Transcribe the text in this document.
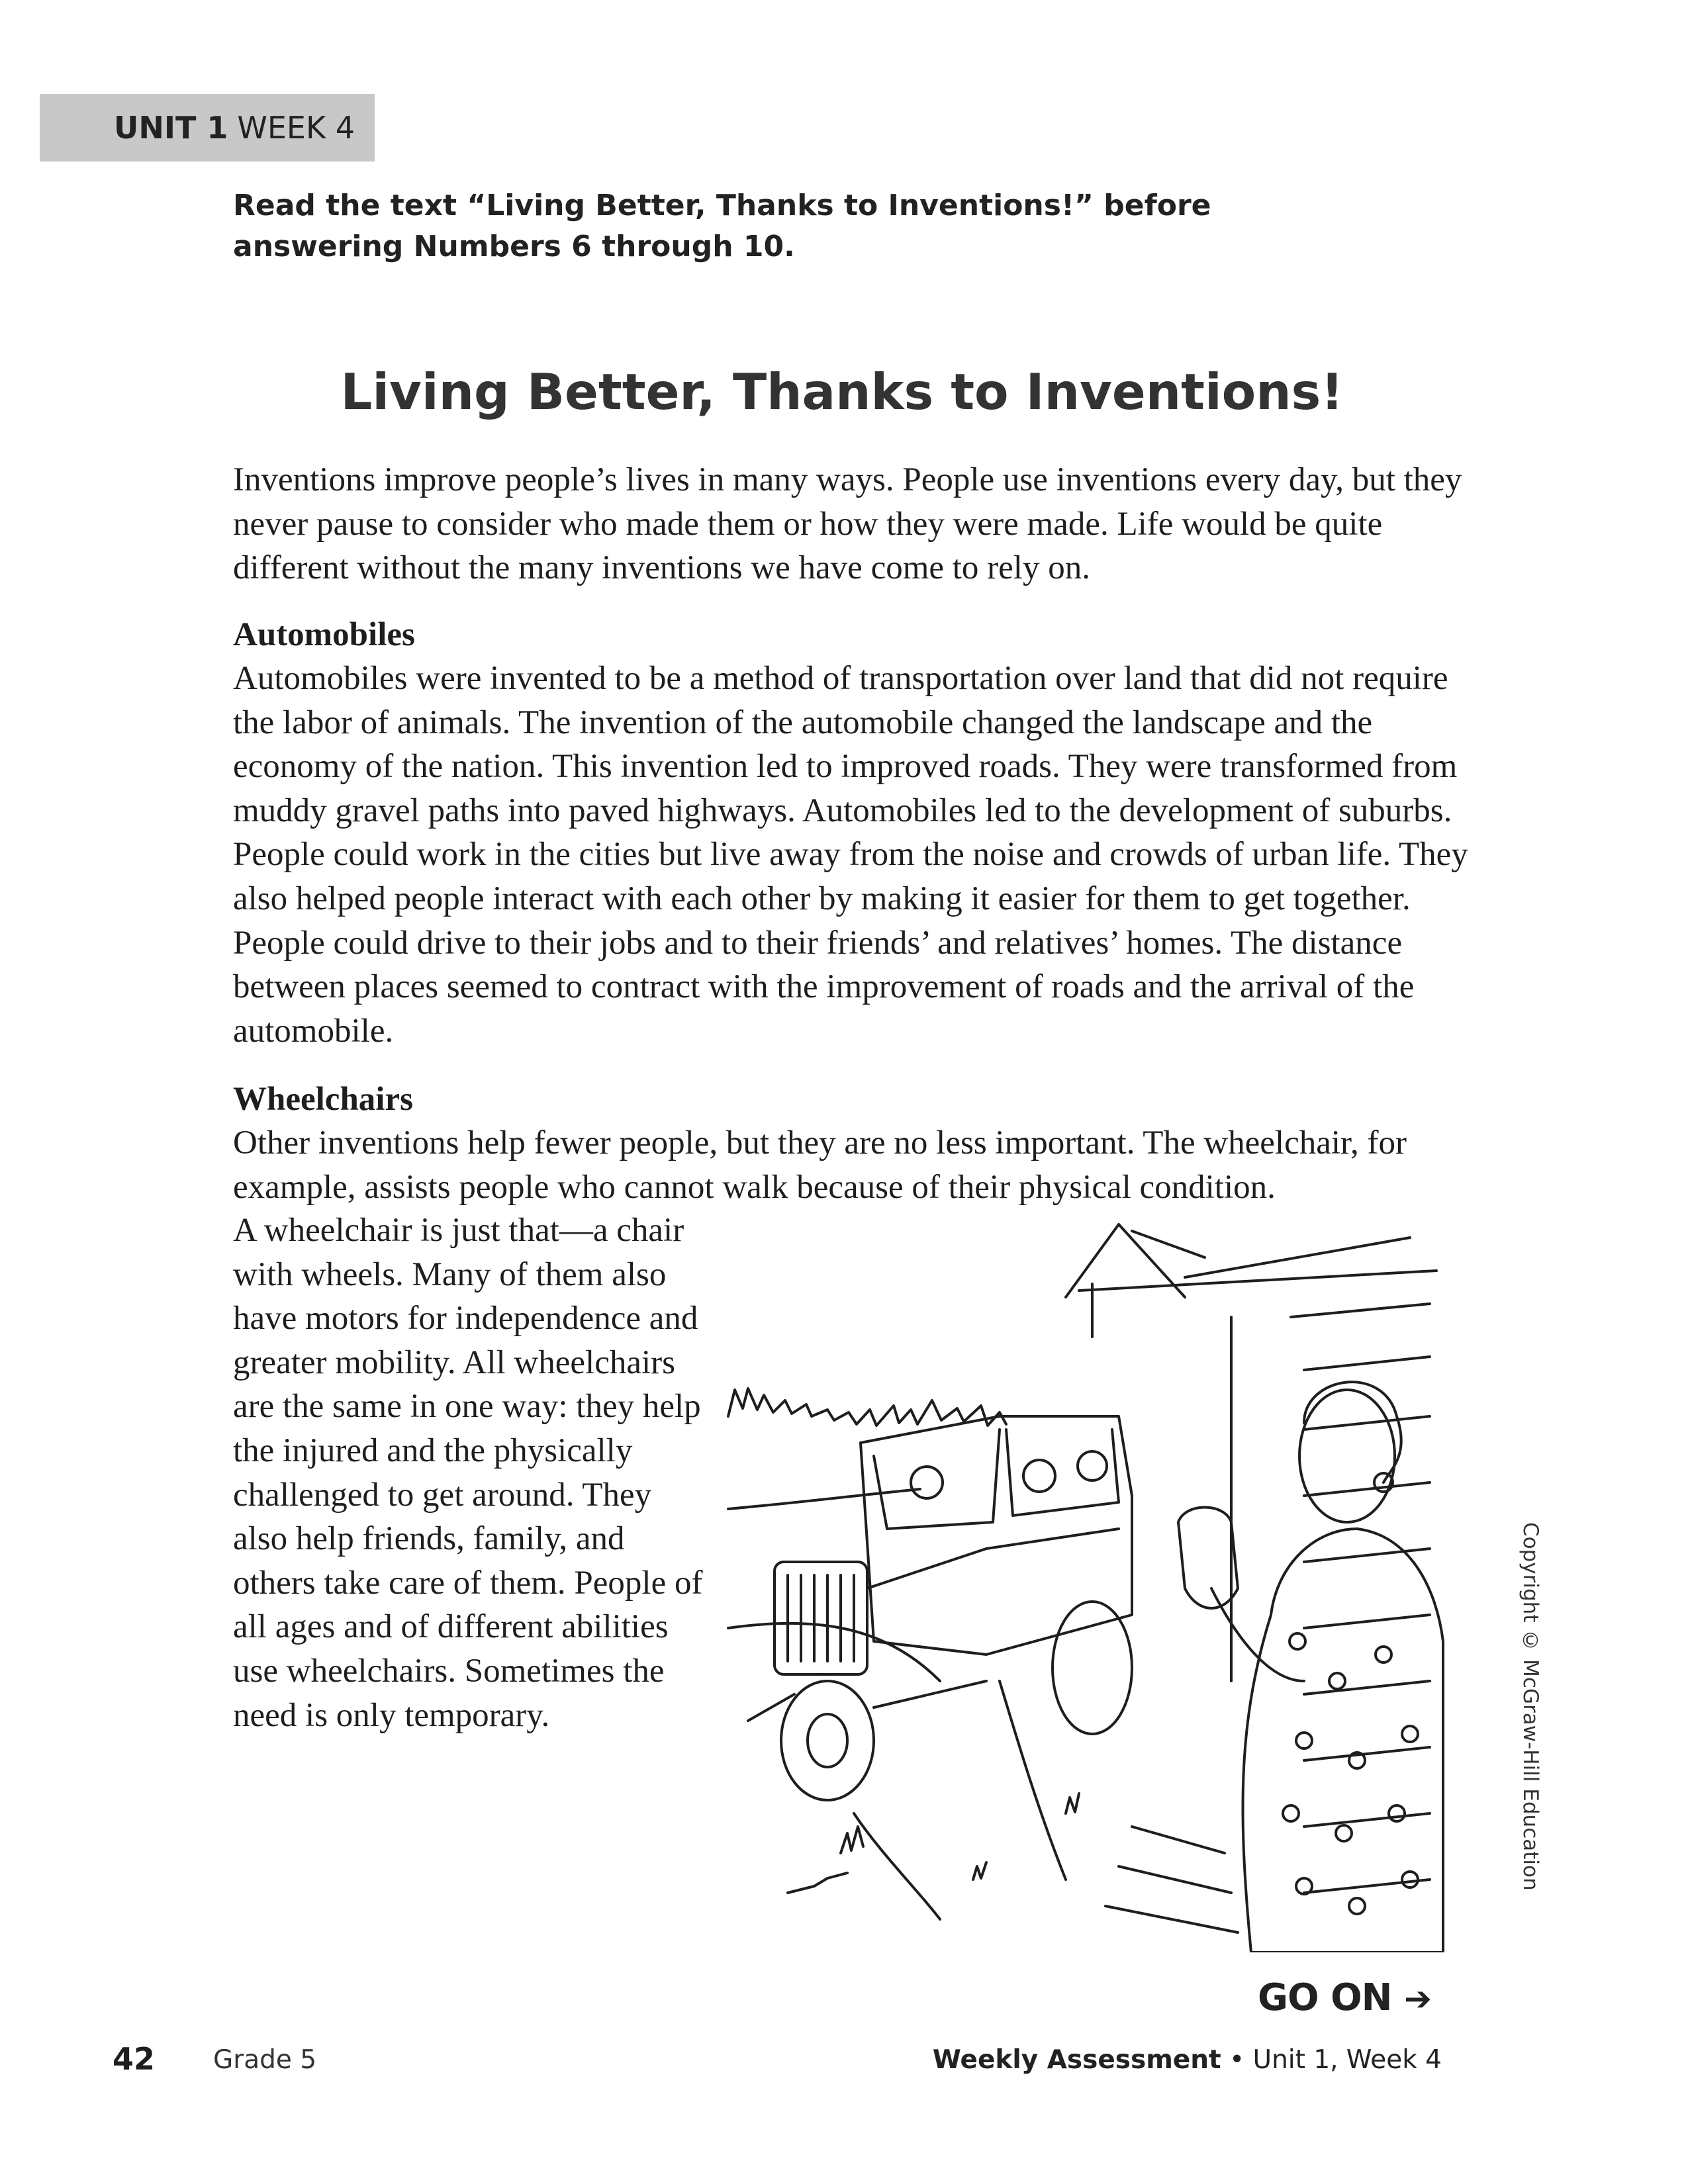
UNIT 1 WEEK 4
Read the text “Living Better, Thanks to Inventions!” before answering Numbers 6 through 10.
Living Better, Thanks to Inventions!
Inventions improve people’s lives in many ways. People use inventions every day, but they never pause to consider who made them or how they were made. Life would be quite different without the many inventions we have come to rely on.
Automobiles
Automobiles were invented to be a method of transportation over land that did not require the labor of animals. The invention of the automobile changed the landscape and the economy of the nation. This invention led to improved roads. They were transformed from muddy gravel paths into paved highways. Automobiles led to the development of suburbs. People could work in the cities but live away from the noise and crowds of urban life. They also helped people interact with each other by making it easier for them to get together. People could drive to their jobs and to their friends’ and relatives’ homes. The distance between places seemed to contract with the improvement of roads and the arrival of the automobile.
Wheelchairs
Other inventions help fewer people, but they are no less important. The wheelchair, for example, assists people who cannot walk because of their physical condition.
A wheelchair is just that—a chair with wheels. Many of them also have motors for independence and greater mobility. All wheelchairs are the same in one way: they help the injured and the physically challenged to get around. They also help friends, family, and others take care of them. People of all ages and of different abilities use wheelchairs. Sometimes the need is only temporary.	Copyright © McGraw-Hill Education
GO ON ➔
42 Grade 5	Weekly Assessment • Unit 1, Week 4
